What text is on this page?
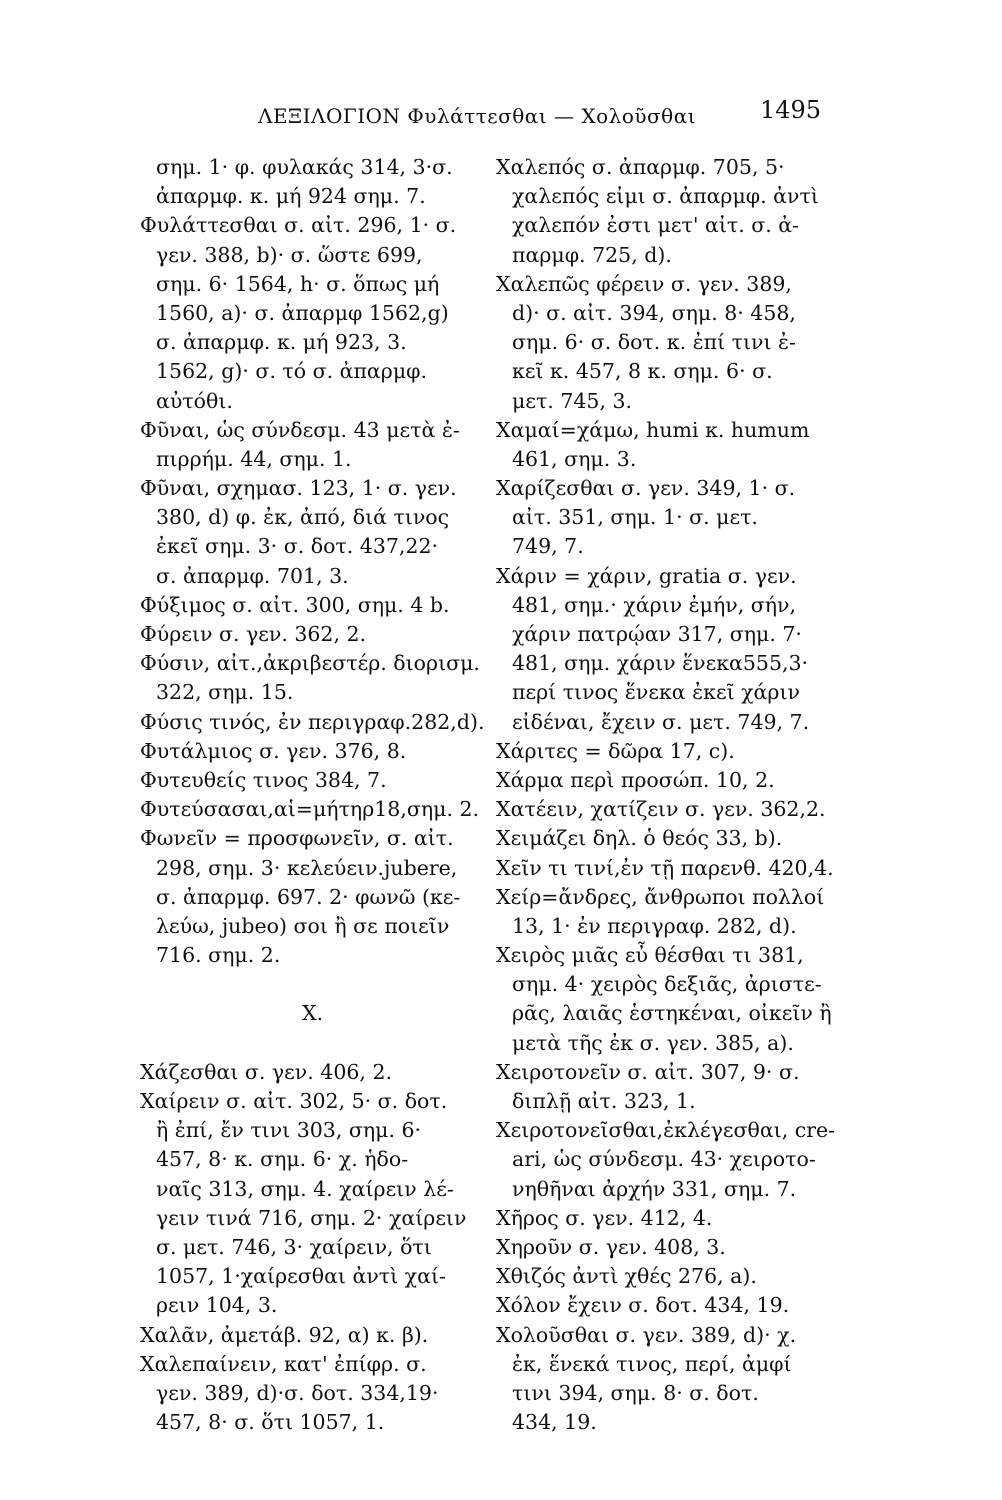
ΛΕΞΙΛΟΓΙΟΝ Φυλάττεσθαι — Χολοῦσθαι	1495
σημ. 1· φ. φυλακάς 314, 3·σ.
ἀπαρμφ. κ. μή 924 σημ. 7.
Φυλάττεσθαι σ. αἰτ. 296, 1· σ.
γεν. 388, b)· σ. ὥστε 699,
σημ. 6· 1564, h· σ. ὅπως μή
1560, a)· σ. ἀπαρμφ 1562,g)
σ. ἀπαρμφ. κ. μή 923, 3.
1562, g)· σ. τό σ. ἀπαρμφ.
αὐτόθι.
Φῦναι, ὡς σύνδεσμ. 43 μετὰ ἐ-
πιρρήμ. 44, σημ. 1.
Φῦναι, σχημασ. 123, 1· σ. γεν.
380, d) φ. ἐκ, ἀπό, διά τινος
ἐκεῖ σημ. 3· σ. δοτ. 437,22·
σ. ἀπαρμφ. 701, 3.
Φύξιμος σ. αἰτ. 300, σημ. 4 b.
Φύρειν σ. γεν. 362, 2.
Φύσιν, αἰτ.,ἀκριβεστέρ. διορισμ.
322, σημ. 15.
Φύσις τινός, ἐν περιγραφ.282,d).
Φυτάλμιος σ. γεν. 376, 8.
Φυτευθείς τινος 384, 7.
Φυτεύσασαι,αἱ=μήτηρ18,σημ. 2.
Φωνεῖν = προσφωνεῖν, σ. αἰτ.
298, σημ. 3· κελεύειν.jubere,
σ. ἀπαρμφ. 697. 2· φωνῶ (κε-
λεύω, jubeo) σοι ἢ σε ποιεῖν
716. σημ. 2.
X.
Χάζεσθαι σ. γεν. 406, 2.
Χαίρειν σ. αἰτ. 302, 5· σ. δοτ.
ἢ ἐπί, ἔν τινι 303, σημ. 6·
457, 8· κ. σημ. 6· χ. ἡδο-
ναῖς 313, σημ. 4. χαίρειν λέ-
γειν τινά 716, σημ. 2· χαίρειν
σ. μετ. 746, 3· χαίρειν, ὅτι
1057, 1·χαίρεσθαι ἀντὶ χαί-
ρειν 104, 3.
Χαλᾶν, ἀμετάβ. 92, α) κ. β).
Χαλεπαίνειν, κατ' ἐπίφρ. σ.
γεν. 389, d)·σ. δοτ. 334,19·
457, 8· σ. ὅτι 1057, 1.
Χαλεπός σ. ἀπαρμφ. 705, 5·
χαλεπός εἰμι σ. ἀπαρμφ. ἀντὶ
χαλεπόν ἐστι μετ' αἰτ. σ. ἀ-
παρμφ. 725, d).
Χαλεπῶς φέρειν σ. γεν. 389,
d)· σ. αἰτ. 394, σημ. 8· 458,
σημ. 6· σ. δοτ. κ. ἐπί τινι ἐ-
κεῖ κ. 457, 8 κ. σημ. 6· σ.
μετ. 745, 3.
Χαμαί=χάμω, humi κ. humum
461, σημ. 3.
Χαρίζεσθαι σ. γεν. 349, 1· σ.
αἰτ. 351, σημ. 1· σ. μετ.
749, 7.
Χάριν = χάριν, gratia σ. γεν.
481, σημ.· χάριν ἐμήν, σήν,
χάριν πατρῴαν 317, σημ. 7·
481, σημ. χάριν ἕνεκα555,3·
περί τινος ἕνεκα ἐκεῖ χάριν
εἰδέναι, ἔχειν σ. μετ. 749, 7.
Χάριτες = δῶρα 17, c).
Χάρμα περὶ προσώπ. 10, 2.
Χατέειν, χατίζειν σ. γεν. 362,2.
Χειμάζει δηλ. ὁ θεός 33, b).
Χεῖν τι τινί,ἐν τῇ παρενθ. 420,4.
Χείρ=ἄνδρες, ἄνθρωποι πολλοί
13, 1· ἐν περιγραφ. 282, d).
Χειρὸς μιᾶς εὖ θέσθαι τι 381,
σημ. 4· χειρὸς δεξιᾶς, ἀριστε-
ρᾶς, λαιᾶς ἑστηκέναι, οἰκεῖν ἢ
μετὰ τῆς ἐκ σ. γεν. 385, a).
Χειροτονεῖν σ. αἰτ. 307, 9· σ.
διπλῇ αἰτ. 323, 1.
Χειροτονεῖσθαι,ἐκλέγεσθαι, cre-
ari, ὡς σύνδεσμ. 43· χειροτο-
νηθῆναι ἀρχήν 331, σημ. 7.
Χῆρος σ. γεν. 412, 4.
Χηροῦν σ. γεν. 408, 3.
Χθιζός ἀντὶ χθές 276, a).
Χόλον ἔχειν σ. δοτ. 434, 19.
Χολοῦσθαι σ. γεν. 389, d)· χ.
ἐκ, ἕνεκά τινος, περί, ἀμφί
τινι 394, σημ. 8· σ. δοτ.
434, 19.
